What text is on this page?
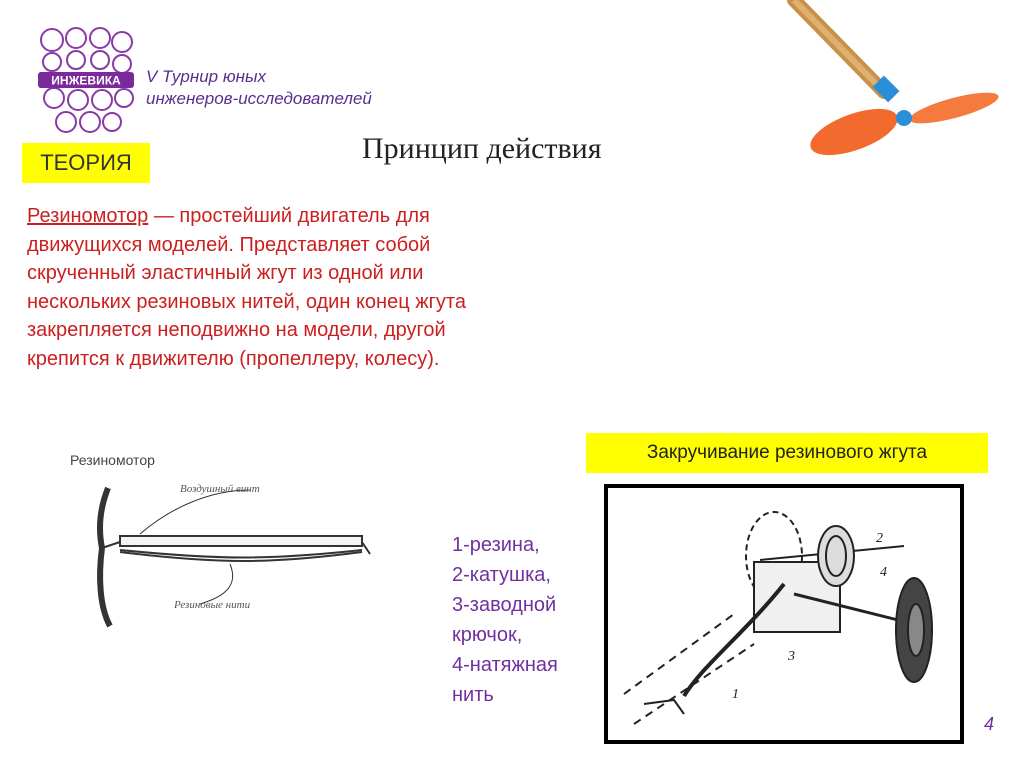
ИНЖЕВИКА V Турнир юных
инженеров-исследователей
Принцип действия
ТЕОРИЯ
Резиномотор — простейший двигатель для движущихся моделей. Представляет собой скрученный эластичный жгут из одной или нескольких резиновых нитей, один конец жгута закрепляется неподвижно на модели, другой крепится к движителю (пропеллеру, колесу).
Резиномотор
Воздушный винт
Резиновые нити
Закручивание резинового жгута
2
4
3
1
1-резина,
2-катушка,
3-заводной
крючок,
4-натяжная
нить
4
